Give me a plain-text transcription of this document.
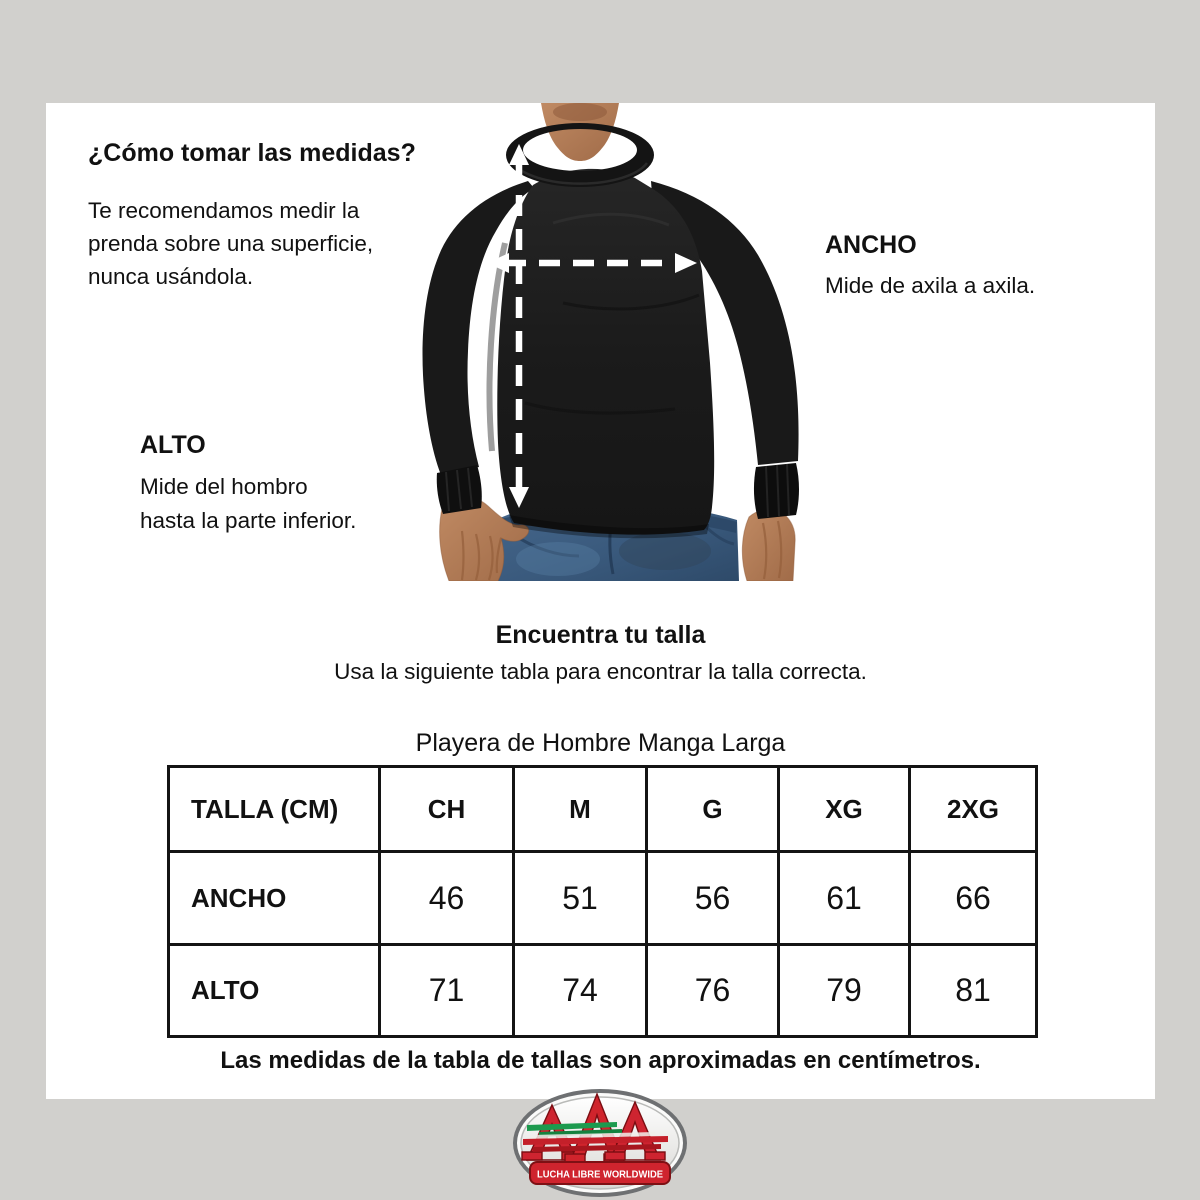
¿Cómo tomar las medidas?
Te recomendamos medir la
prenda sobre una superficie,
nunca usándola.
ANCHO
Mide de axila a axila.
ALTO
Mide del hombro
hasta la parte inferior.
Encuentra tu talla
Usa la siguiente tabla para encontrar la talla correcta.
Playera de Hombre Manga Larga
TALLA (CM)	CH	M	G	XG	2XG
ANCHO	46	51	56	61	66
ALTO	71	74	76	79	81
Las medidas de la tabla de tallas son aproximadas en centímetros.
LUCHA LIBRE WORLDWIDE
